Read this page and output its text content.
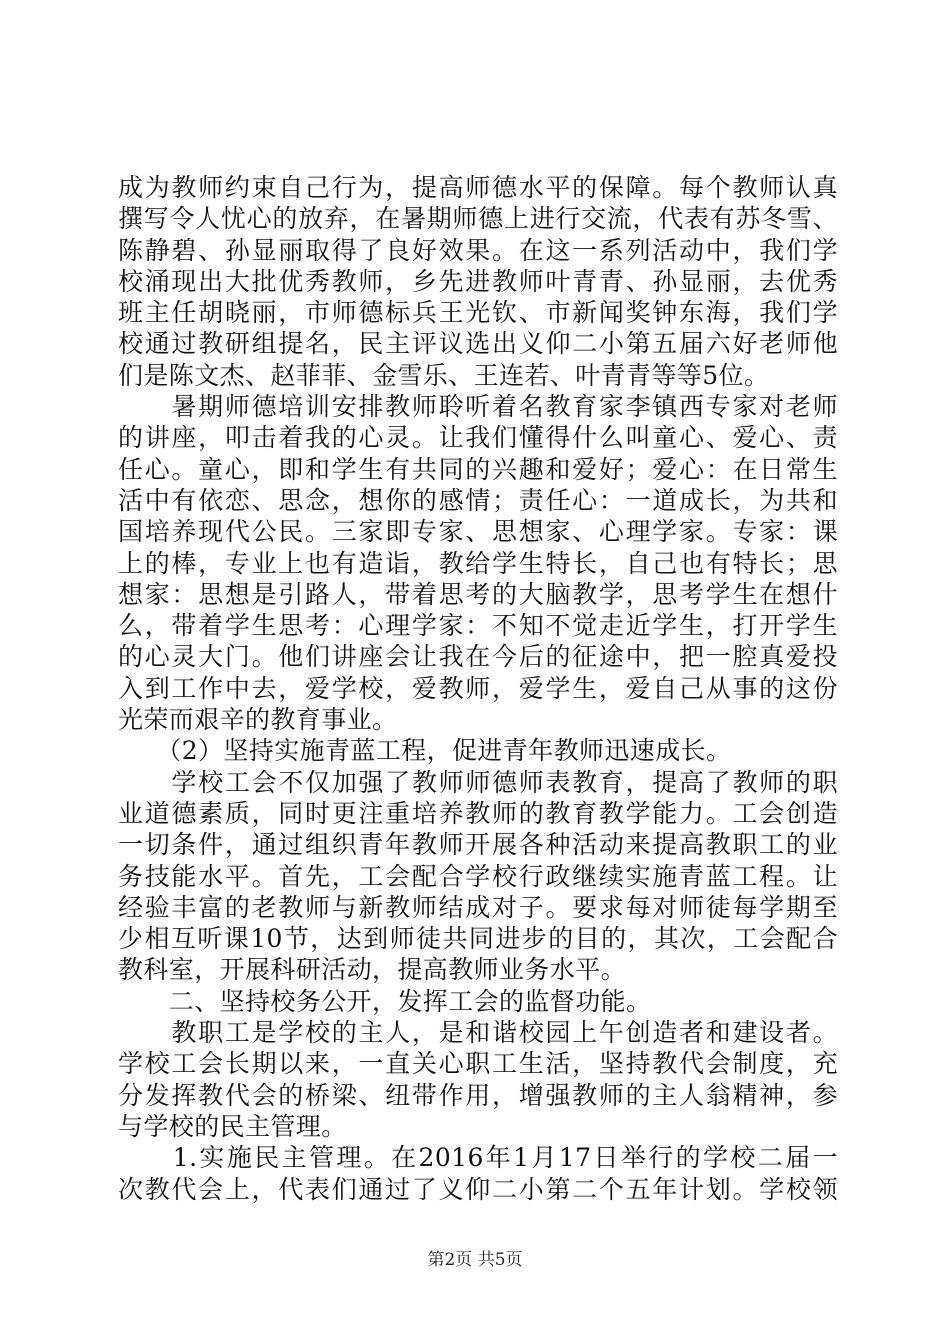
成为教师约束自己行为，提高师德水平的保障。每个教师认真
撰写令人忧心的放弃，在暑期师德上进行交流，代表有苏冬雪、
陈静碧、孙显丽取得了良好效果。在这一系列活动中，我们学
校涌现出大批优秀教师，乡先进教师叶青青、孙显丽，去优秀
班主任胡晓丽，市师德标兵王光钦、市新闻奖钟东海，我们学
校通过教研组提名，民主评议选出义仰二小第五届六好老师他
们是陈文杰、赵菲菲、金雪乐、王连若、叶青青等等5位。
　　暑期师德培训安排教师聆听着名教育家李镇西专家对老师
的讲座，叩击着我的心灵。让我们懂得什么叫童心、爱心、责
任心。童心，即和学生有共同的兴趣和爱好；爱心：在日常生
活中有依恋、思念，想你的感情；责任心：一道成长，为共和
国培养现代公民。三家即专家、思想家、心理学家。专家：课
上的棒，专业上也有造诣，教给学生特长，自己也有特长；思
想家：思想是引路人，带着思考的大脑教学，思考学生在想什
么，带着学生思考：心理学家：不知不觉走近学生，打开学生
的心灵大门。他们讲座会让我在今后的征途中，把一腔真爱投
入到工作中去，爱学校，爱教师，爱学生，爱自己从事的这份
光荣而艰辛的教育事业。
　　（2）坚持实施青蓝工程，促进青年教师迅速成长。
　　学校工会不仅加强了教师师德师表教育，提高了教师的职
业道德素质，同时更注重培养教师的教育教学能力。工会创造
一切条件，通过组织青年教师开展各种活动来提高教职工的业
务技能水平。首先，工会配合学校行政继续实施青蓝工程。让
经验丰富的老教师与新教师结成对子。要求每对师徒每学期至
少相互听课10节，达到师徒共同进步的目的，其次，工会配合
教科室，开展科研活动，提高教师业务水平。
　　二、坚持校务公开，发挥工会的监督功能。
　　教职工是学校的主人，是和谐校园上午创造者和建设者。
学校工会长期以来，一直关心职工生活，坚持教代会制度，充
分发挥教代会的桥梁、纽带作用，增强教师的主人翁精神，参
与学校的民主管理。
　　1.实施民主管理。在2016年1月17日举行的学校二届一
次教代会上，代表们通过了义仰二小第二个五年计划。学校领
第2页 共5页
